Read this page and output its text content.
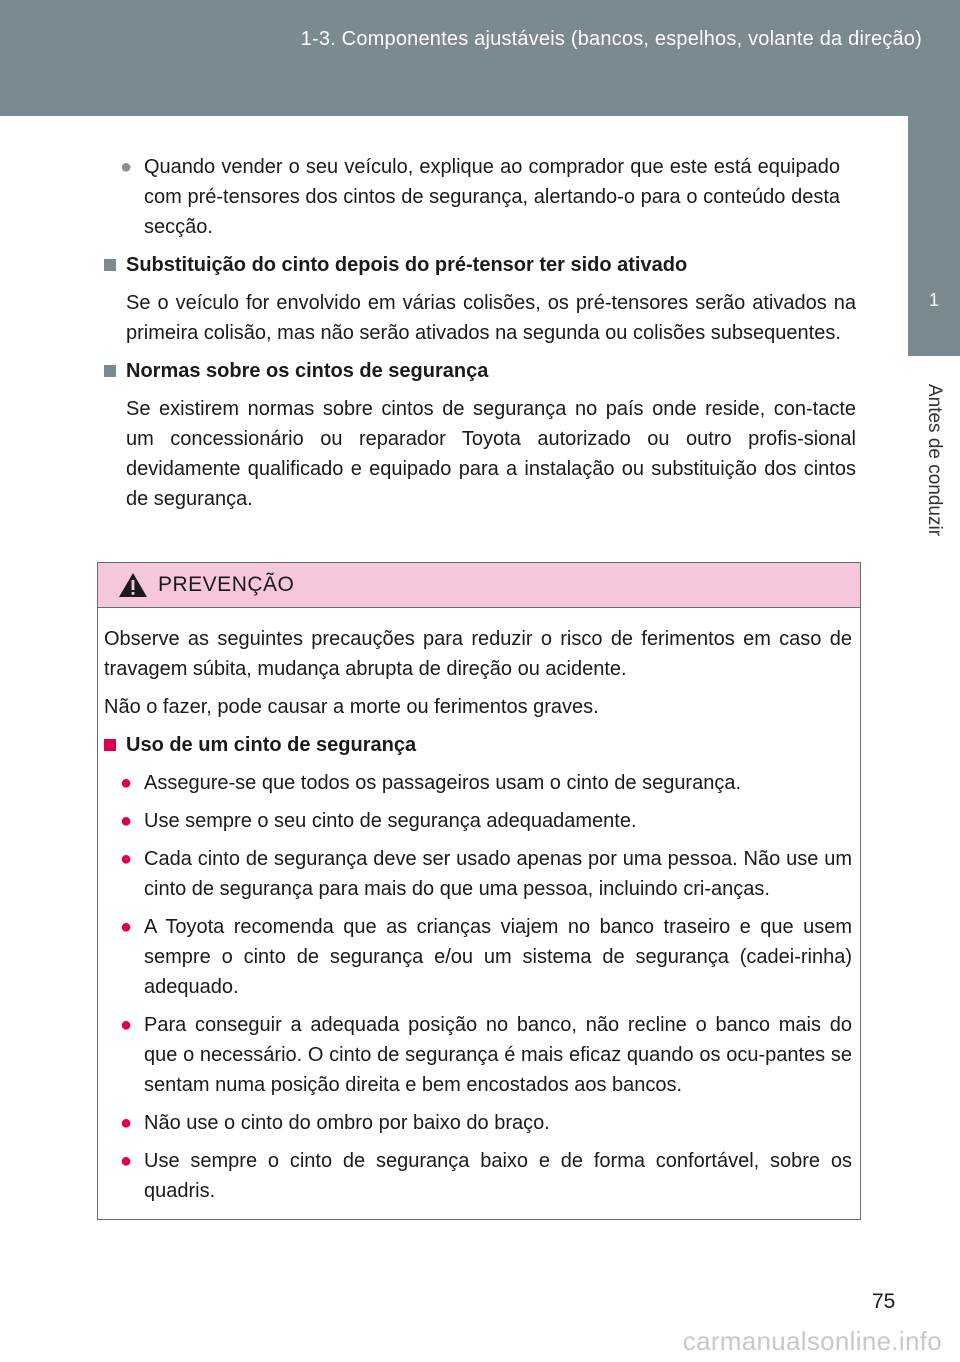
1-3. Componentes ajustáveis (bancos, espelhos, volante da direção)
1
Antes de conduzir
● Quando vender o seu veículo, explique ao comprador que este está equipado com pré-tensores dos cintos de segurança, alertando-o para o conteúdo desta secção.

Substituição do cinto depois do pré-tensor ter sido ativado

Se o veículo for envolvido em várias colisões, os pré-tensores serão ativados na primeira colisão, mas não serão ativados na segunda ou colisões subsequentes.

Normas sobre os cintos de segurança

Se existirem normas sobre cintos de segurança no país onde reside, con-tacte um concessionário ou reparador Toyota autorizado ou outro profis-sional devidamente qualificado e equipado para a instalação ou substituição dos cintos de segurança.

PREVENÇÃO

Observe as seguintes precauções para reduzir o risco de ferimentos em caso de travagem súbita, mudança abrupta de direção ou acidente.

Não o fazer, pode causar a morte ou ferimentos graves.

Uso de um cinto de segurança
● Assegure-se que todos os passageiros usam o cinto de segurança.

● Use sempre o seu cinto de segurança adequadamente.

● Cada cinto de segurança deve ser usado apenas por uma pessoa. Não use um cinto de segurança para mais do que uma pessoa, incluindo cri-anças.

● A Toyota recomenda que as crianças viajem no banco traseiro e que usem sempre o cinto de segurança e/ou um sistema de segurança (cadei-rinha) adequado.

● Para conseguir a adequada posição no banco, não recline o banco mais do que o necessário. O cinto de segurança é mais eficaz quando os ocu-pantes se sentam numa posição direita e bem encostados aos bancos.

● Não use o cinto do ombro por baixo do braço.

● Use sempre o cinto de segurança baixo e de forma confortável, sobre os quadris.

75
carmanualsonline.info
